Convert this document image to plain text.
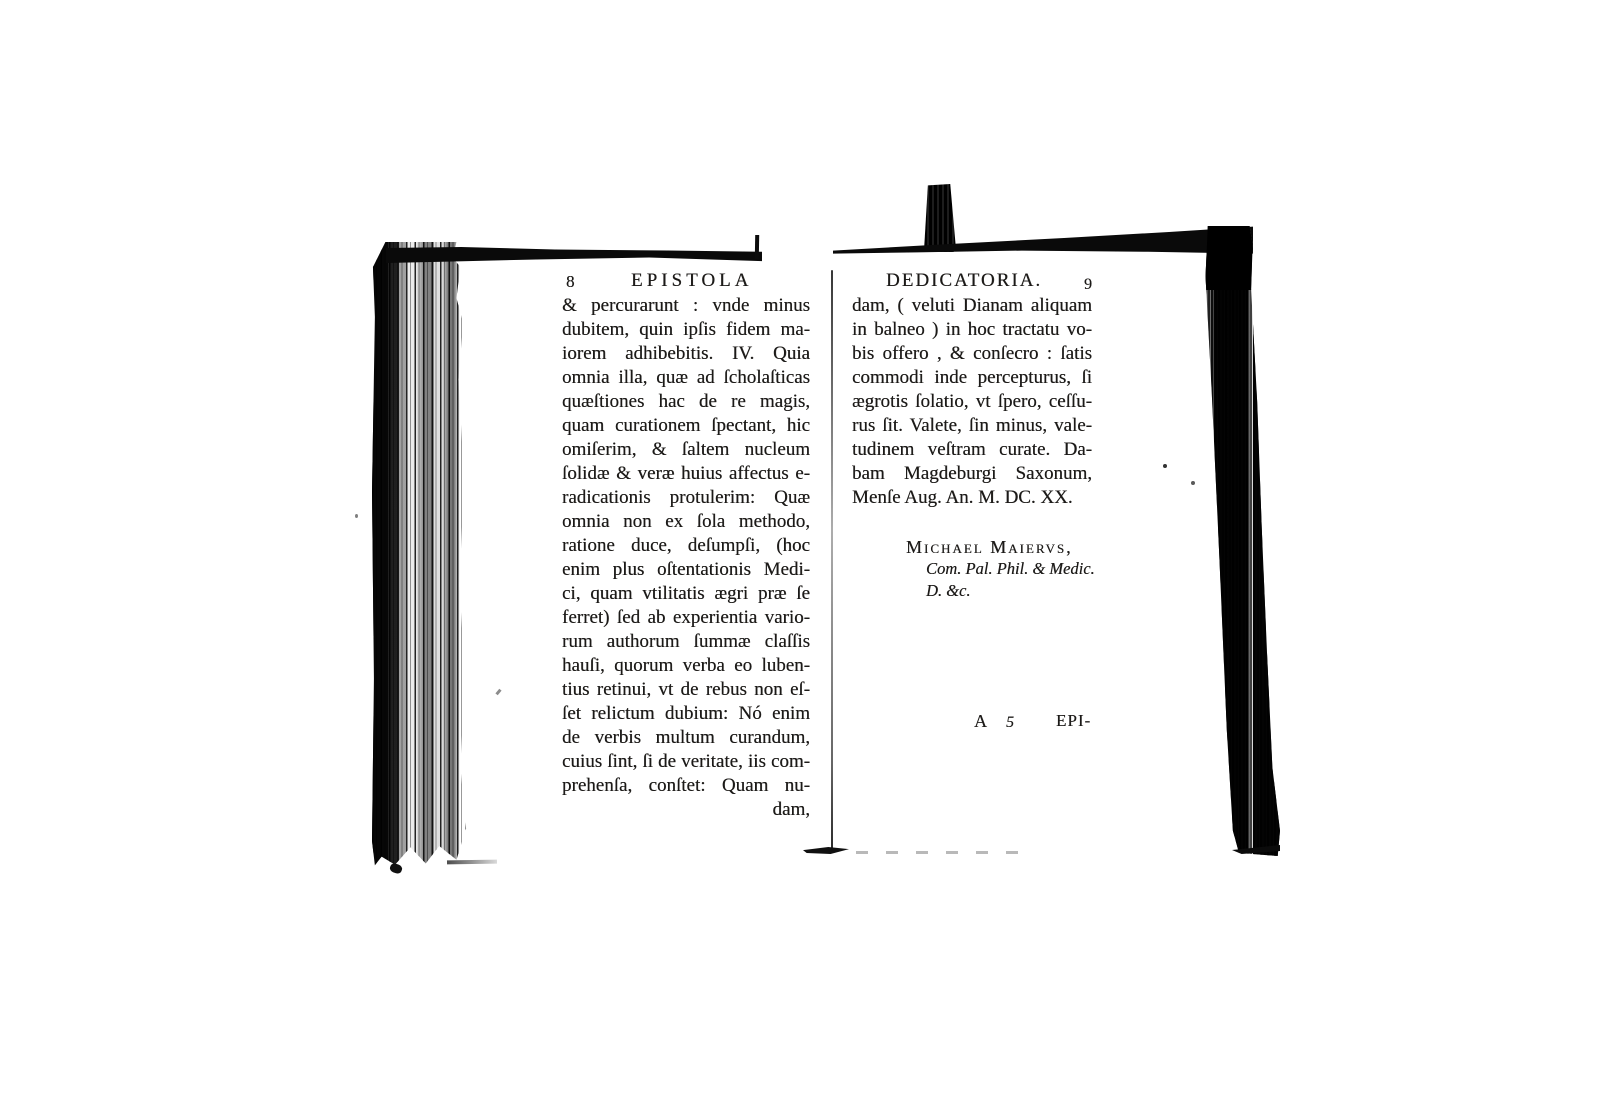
8	EPISTOLA
& percurarunt : vnde minus
dubitem, quin ipſis fidem ma-
iorem adhibebitis. IV. Quia
omnia illa, quæ ad ſcholaſticas
quæſtiones hac de re magis,
quam curationem ſpectant, hic
omiſerim, & ſaltem nucleum
ſolidæ & veræ huius affectus e-
radicationis protulerim: Quæ
omnia non ex ſola methodo,
ratione duce, deſumpſi, (hoc
enim plus oſtentationis Medi-
ci, quam vtilitatis ægri præ ſe
ferret) ſed ab experientia vario-
rum authorum ſummæ claſſis
hauſi, quorum verba eo luben-
tius retinui, vt de rebus non eſ-
ſet relictum dubium: Nó enim
de verbis multum curandum,
cuius ſint, ſi de veritate, iis com-
prehenſa, conſtet: Quam nu-
dam,
DEDICATORIA.	9
dam, ( veluti Dianam aliquam
in balneo ) in hoc tractatu vo-
bis offero , & conſecro : ſatis
commodi inde percepturus, ſi
ægrotis ſolatio, vt ſpero, ceſſu-
rus ſit. Valete, ſin minus, vale-
tudinem veſtram curate. Da-
bam Magdeburgi Saxonum,
Menſe Aug. An. M. DC. XX.
Michael Maiervs,
Com. Pal. Phil. & Medic.
D. &c.
A 5 EPI-
